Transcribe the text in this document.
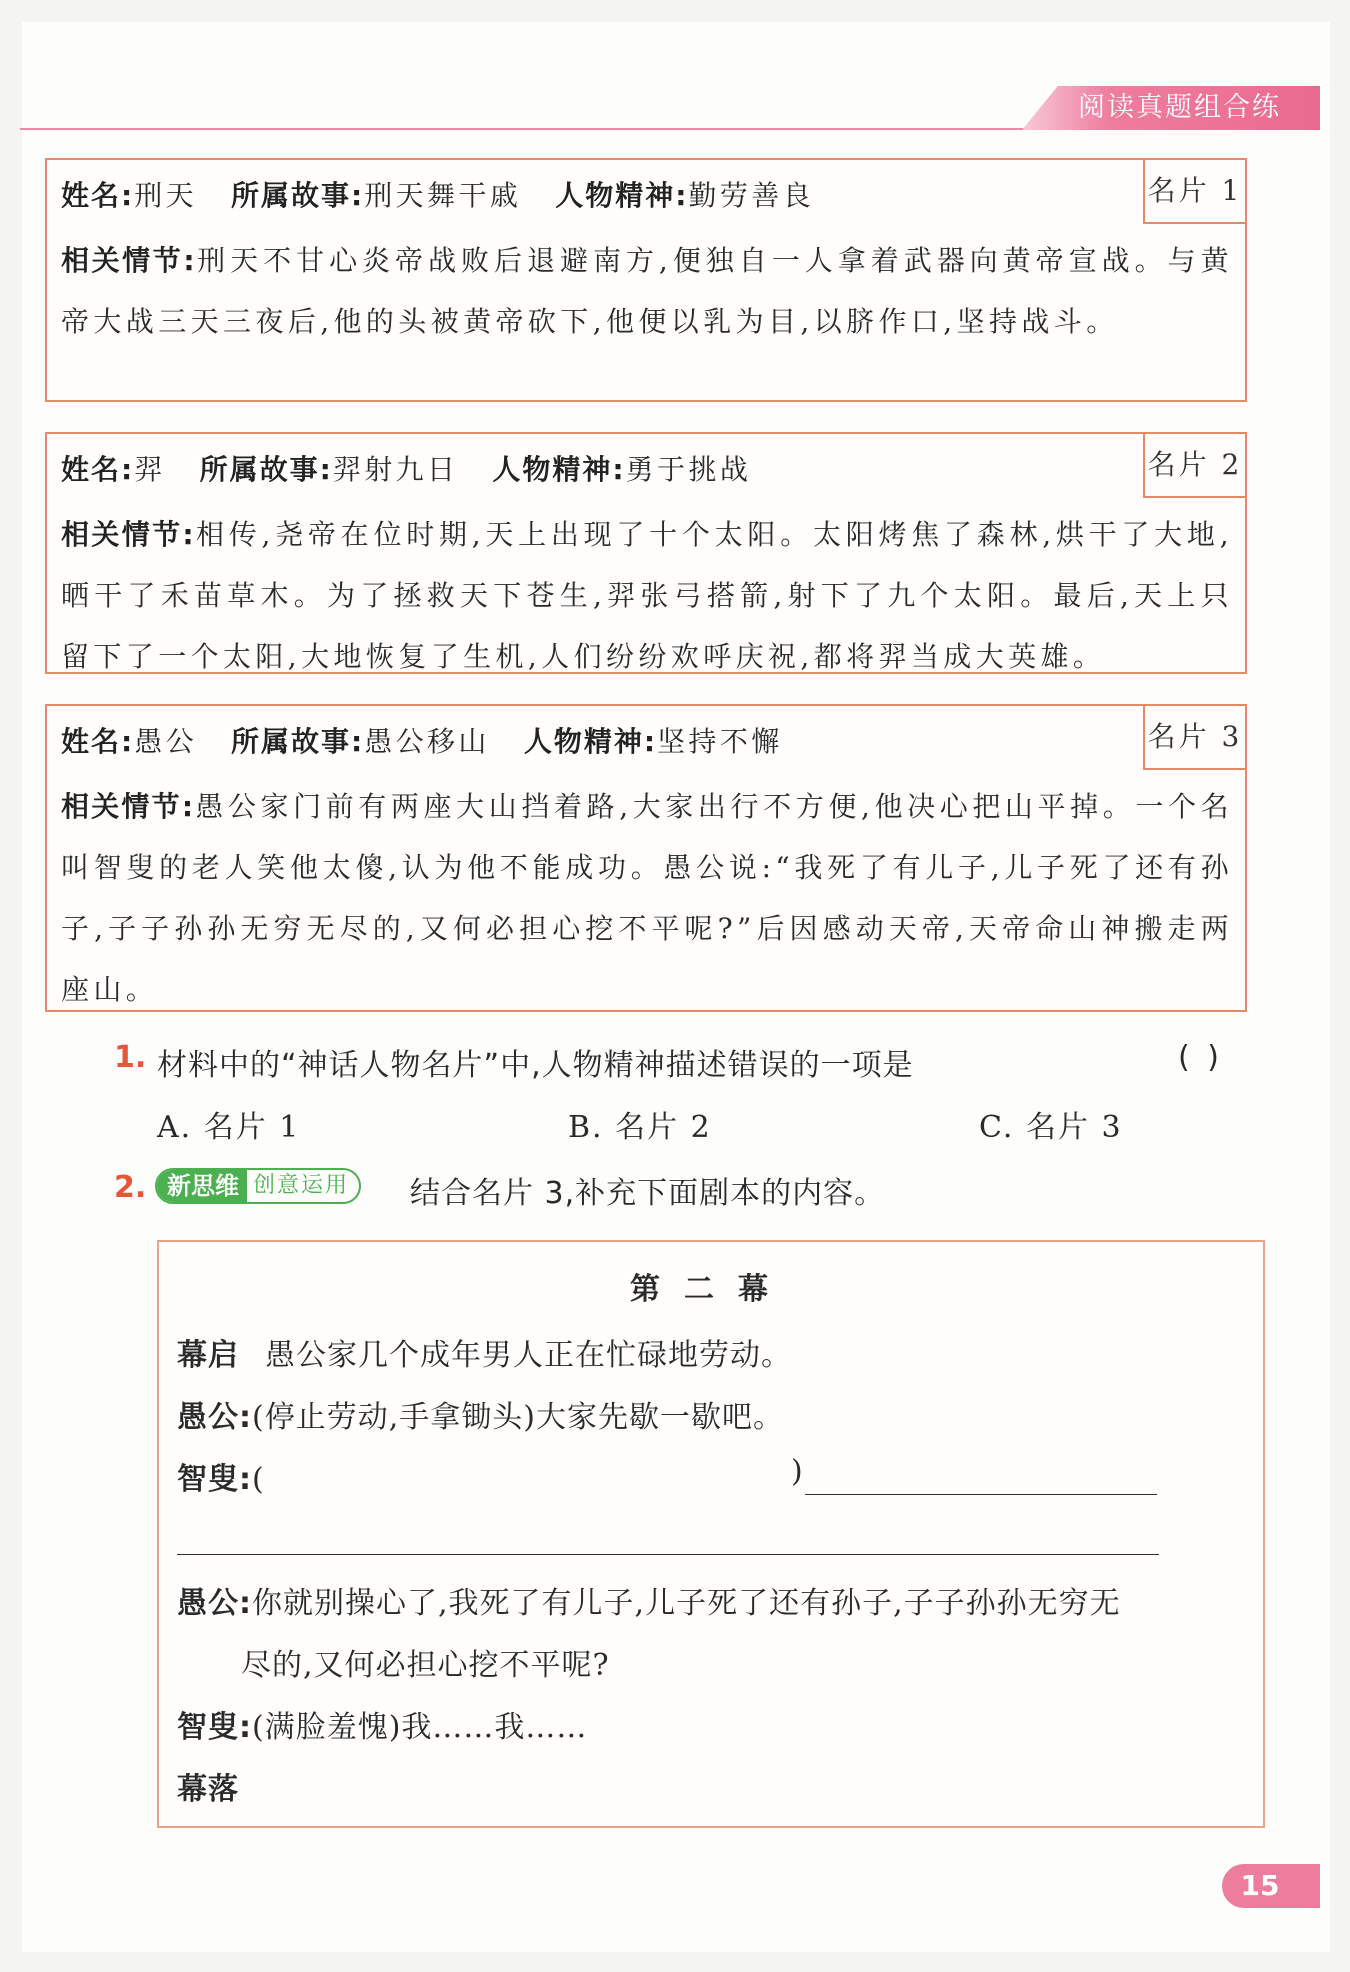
阅读真题组合练
名片 1
姓名:刑天 所属故事:刑天舞干戚 人物精神:勤劳善良
相关情节:刑天不甘心炎帝战败后退避南方,便独自一人拿着武器向黄帝宣战。与黄帝大战三天三夜后,他的头被黄帝砍下,他便以乳为目,以脐作口,坚持战斗。
名片 2
姓名:羿 所属故事:羿射九日 人物精神:勇于挑战
相关情节:相传,尧帝在位时期,天上出现了十个太阳。太阳烤焦了森林,烘干了大地,晒干了禾苗草木。为了拯救天下苍生,羿张弓搭箭,射下了九个太阳。最后,天上只留下了一个太阳,大地恢复了生机,人们纷纷欢呼庆祝,都将羿当成大英雄。
名片 3
姓名:愚公 所属故事:愚公移山 人物精神:坚持不懈
相关情节:愚公家门前有两座大山挡着路,大家出行不方便,他决心把山平掉。一个名叫智叟的老人笑他太傻,认为他不能成功。愚公说:“我死了有儿子,儿子死了还有孙子,子子孙孙无穷无尽的,又何必担心挖不平呢?”后因感动天帝,天帝命山神搬走两座山。
1. 材料中的“神话人物名片”中,人物精神描述错误的一项是	( )
A. 名片 1	B. 名片 2	C. 名片 3
2. 新思维 创意运用	结合名片 3,补充下面剧本的内容。
第二幕
幕启 愚公家几个成年男人正在忙碌地劳动。
愚公:(停止劳动,手拿锄头)大家先歇一歇吧。
智叟:(	)
愚公:你就别操心了,我死了有儿子,儿子死了还有孙子,子子孙孙无穷无
尽的,又何必担心挖不平呢?
智叟:(满脸羞愧)我……我……
幕落
15
